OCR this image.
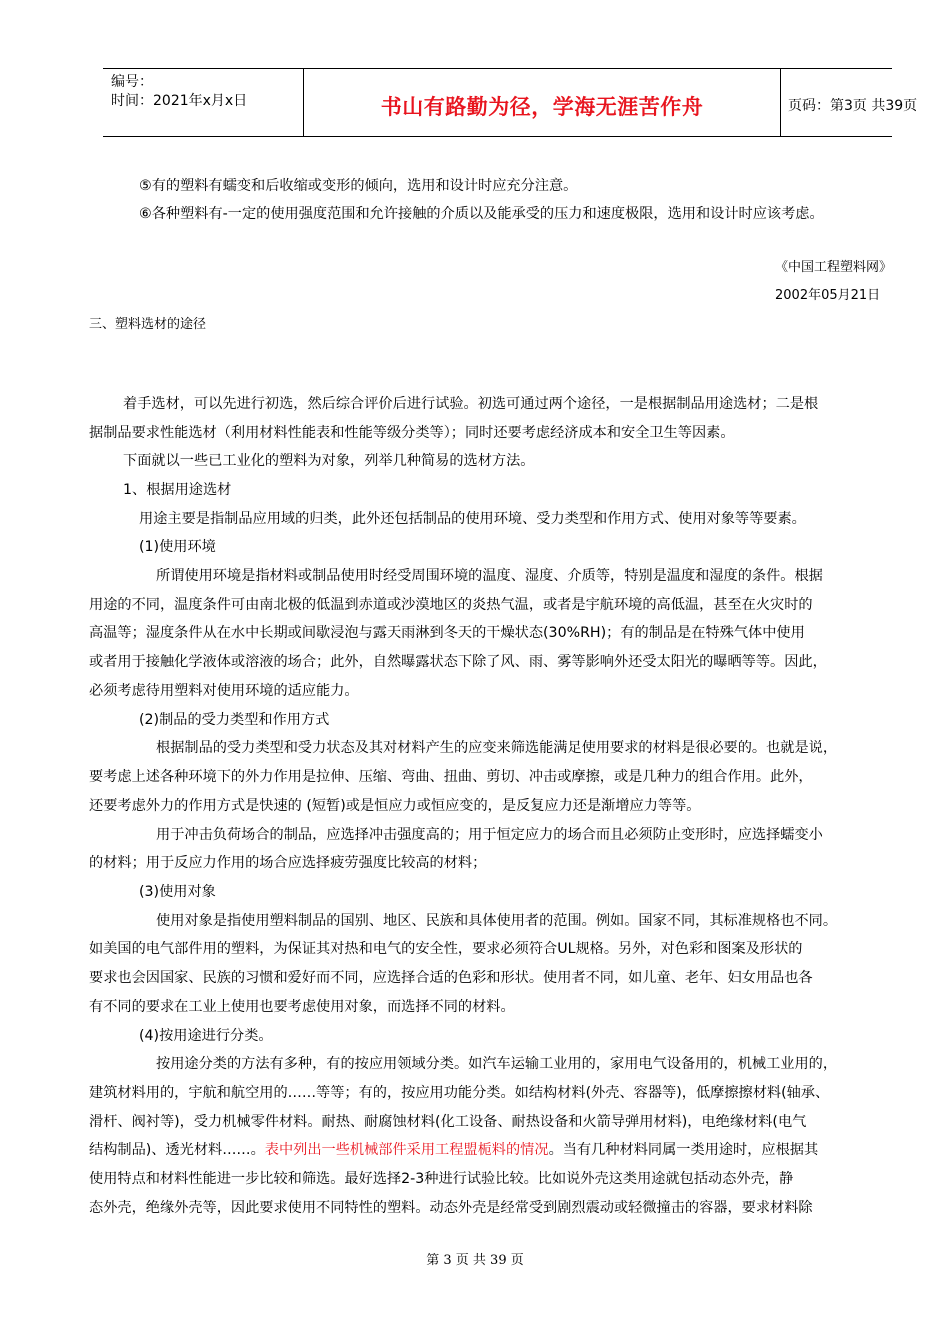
编号：
时间：2021年x月x日	书山有路勤为径，学海无涯苦作舟	页码：第3页 共39页
⑤有的塑料有蠕变和后收缩或变形的倾向，选用和设计时应充分注意。
⑥各种塑料有-一定的使用强度范围和允许接触的介质以及能承受的压力和速度极限，选用和设计时应该考虑。
《中国工程塑料网》
2002年05月21日
三、塑料选材的途径
着手选材，可以先进行初选，然后综合评价后进行试验。初选可通过两个途径，一是根据制品用途选材；二是根
据制品要求性能选材（利用材料性能表和性能等级分类等）；同时还要考虑经济成本和安全卫生等因素。
下面就以一些已工业化的塑料为对象，列举几种简易的选材方法。
1、根据用途选材
用途主要是指制品应用域的归类，此外还包括制品的使用环境、受力类型和作用方式、使用对象等等要素。
(1)使用环境
所谓使用环境是指材料或制品使用时经受周围环境的温度、湿度、介质等，特别是温度和湿度的条件。根据
用途的不同，温度条件可由南北极的低温到赤道或沙漠地区的炎热气温，或者是宇航环境的高低温，甚至在火灾时的
高温等；湿度条件从在水中长期或间歇浸泡与露天雨淋到冬天的干燥状态(30%RH)；有的制品是在特殊气体中使用
或者用于接触化学液体或溶液的场合；此外，自然曝露状态下除了风、雨、雾等影响外还受太阳光的曝晒等等。因此，
必须考虑待用塑料对使用环境的适应能力。
(2)制品的受力类型和作用方式
根据制品的受力类型和受力状态及其对材料产生的应变来筛选能满足使用要求的材料是很必要的。也就是说，
要考虑上述各种环境下的外力作用是拉伸、压缩、弯曲、扭曲、剪切、冲击或摩擦，或是几种力的组合作用。此外，
还要考虑外力的作用方式是快速的 (短暂)或是恒应力或恒应变的，是反复应力还是渐增应力等等。
用于冲击负荷场合的制品，应选择冲击强度高的；用于恒定应力的场合而且必须防止变形时，应选择蠕变小
的材料；用于反应力作用的场合应选择疲劳强度比较高的材料；
(3)使用对象
使用对象是指使用塑料制品的国别、地区、民族和具体使用者的范围。例如。国家不同，其标准规格也不同。
如美国的电气部件用的塑料，为保证其对热和电气的安全性，要求必须符合UL规格。另外，对色彩和图案及形状的
要求也会因国家、民族的习惯和爱好而不同，应选择合适的色彩和形状。使用者不同，如儿童、老年、妇女用品也各
有不同的要求在工业上使用也要考虑使用对象，而选择不同的材料。
(4)按用途进行分类。
按用途分类的方法有多种，有的按应用领域分类。如汽车运输工业用的，家用电气设备用的，机械工业用的，
建筑材料用的，宇航和航空用的……等等；有的，按应用功能分类。如结构材料(外壳、容器等)，低摩擦擦材料(轴承、
滑杆、阀衬等)，受力机械零件材料。耐热、耐腐蚀材料(化工设备、耐热设备和火箭导弹用材料)，电绝缘材料(电气
结构制品)、透光材料……。表中列出一些机械部件采用工程盟栀料的情况。当有几种材料同属一类用途时，应根据其
使用特点和材料性能进一步比较和筛选。最好选择2-3种进行试验比较。比如说外壳这类用途就包括动态外壳，静
态外壳，绝缘外壳等，因此要求使用不同特性的塑料。动态外壳是经常受到剧烈震动或轻微撞击的容器，要求材料除
第 3 页 共 39 页
